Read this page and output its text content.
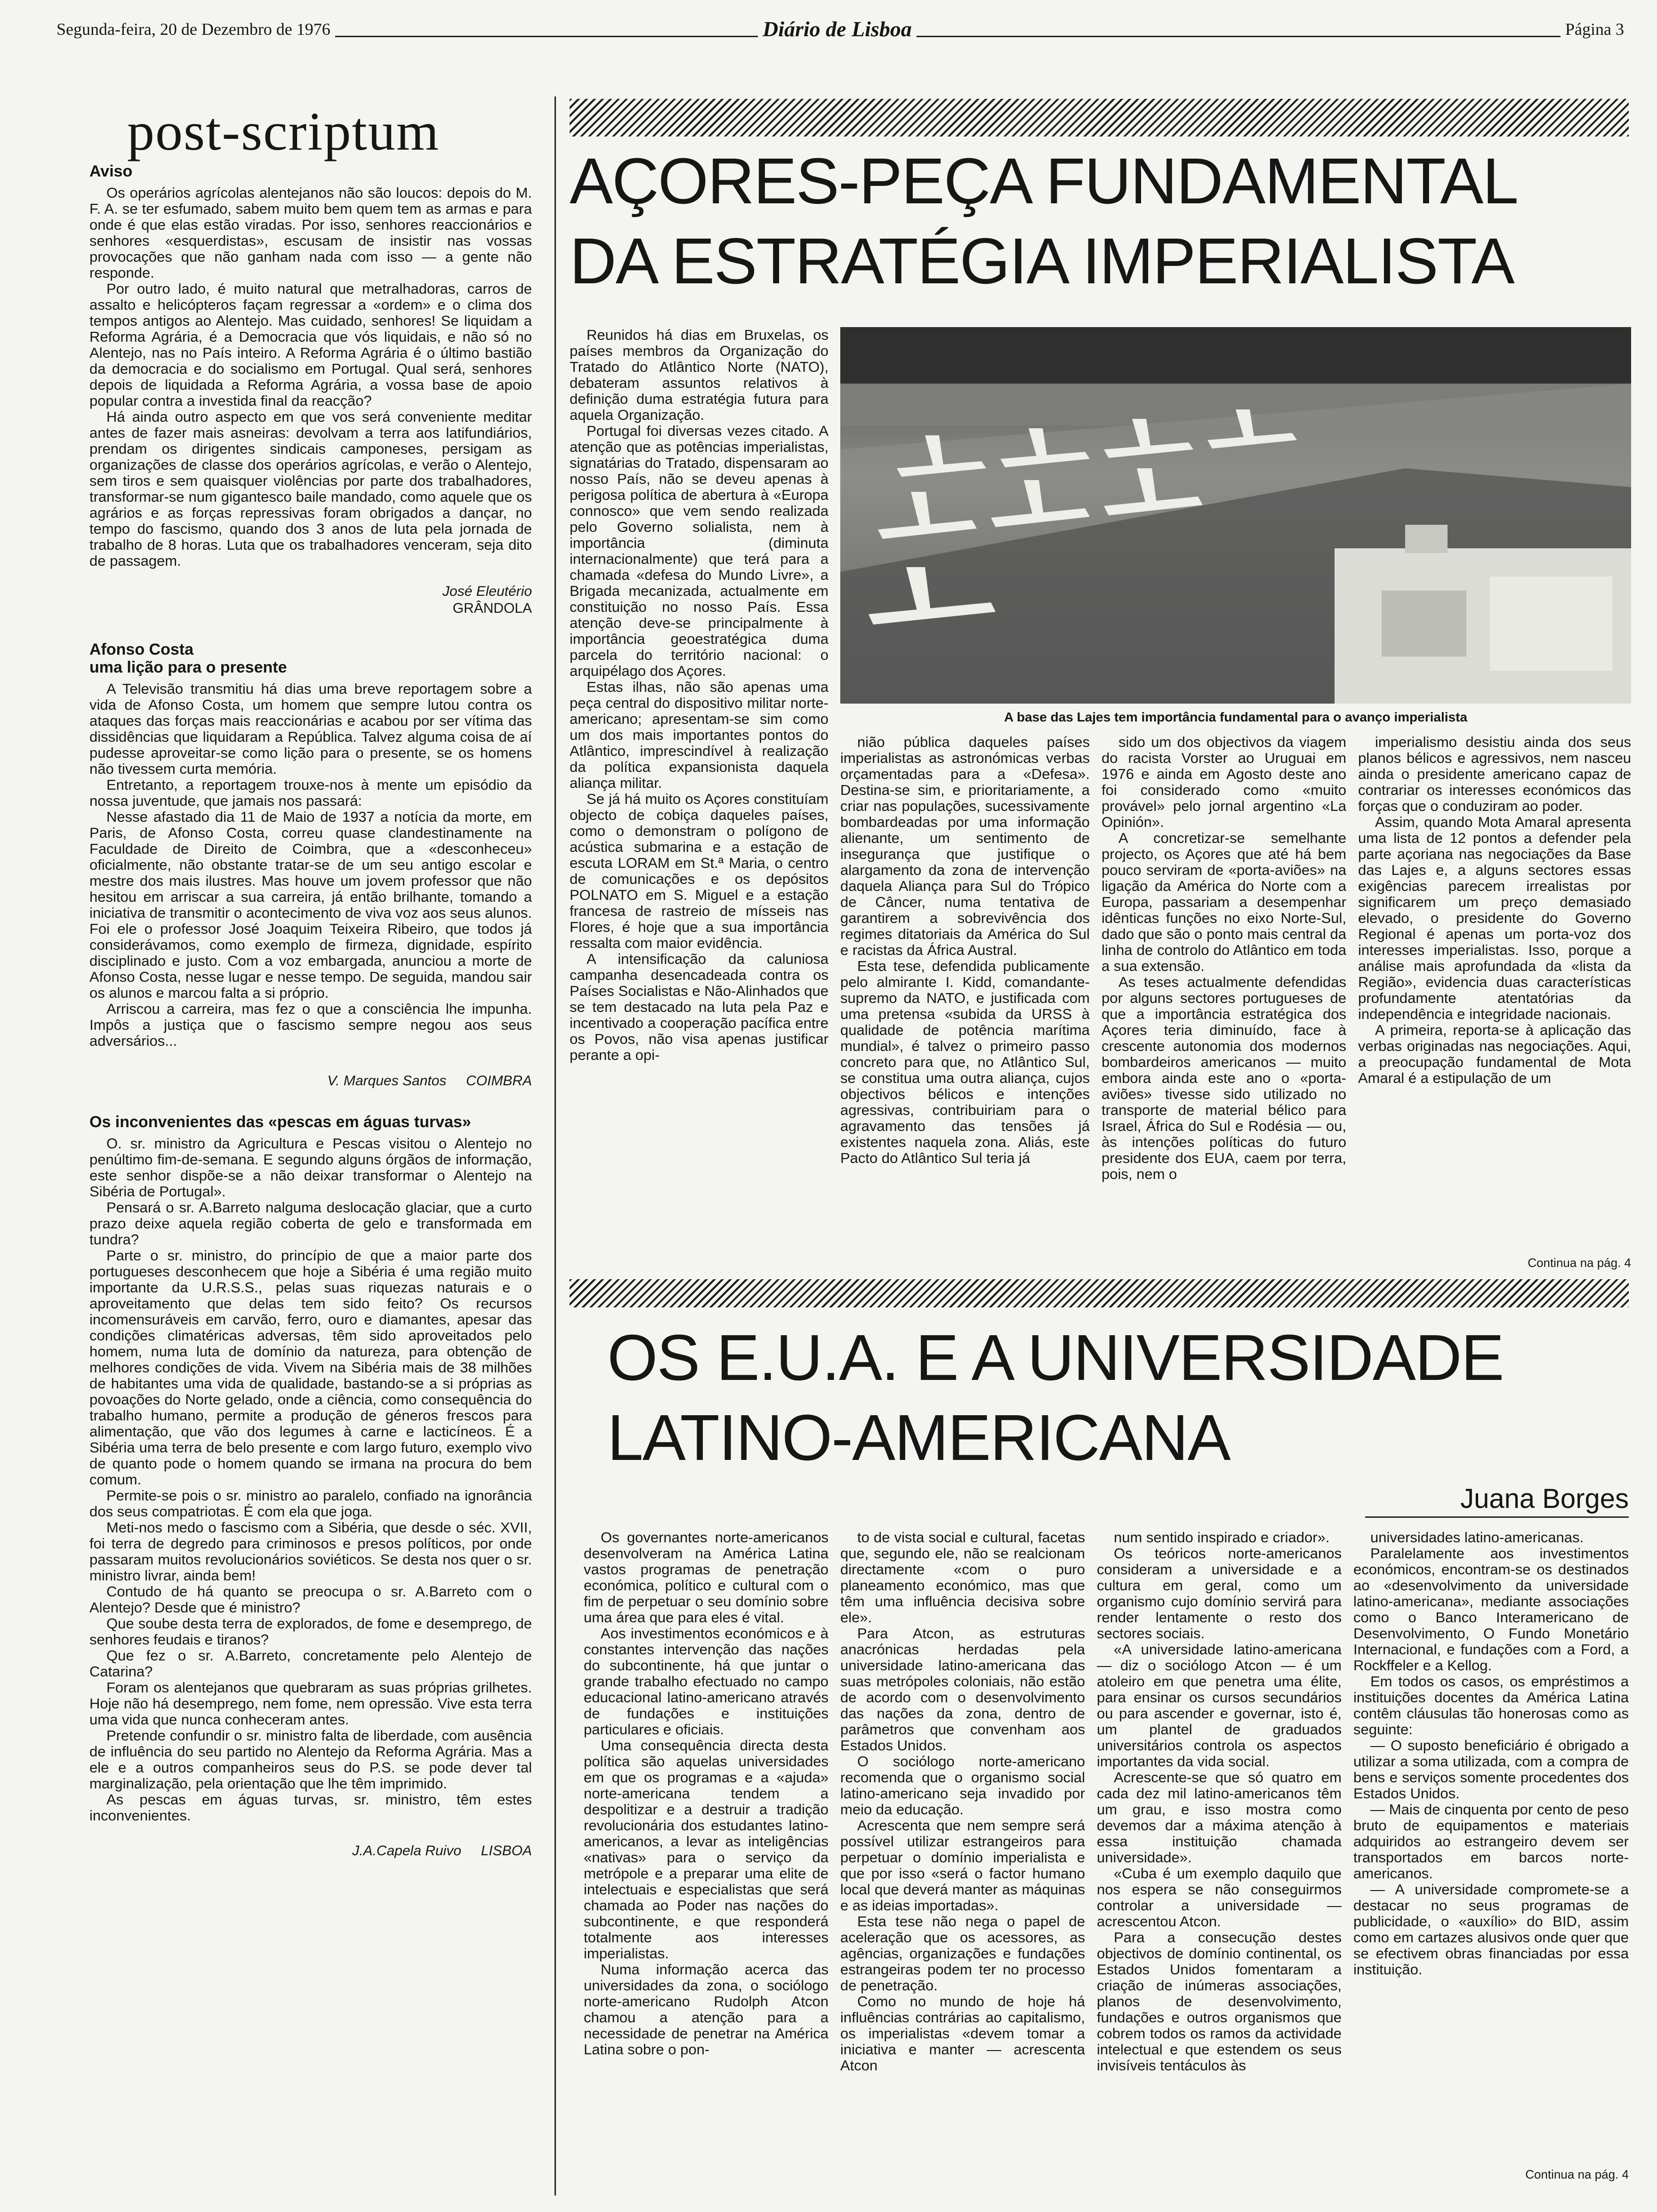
Segunda-feira, 20 de Dezembro de 1976	Diário de Lisboa	Página 3
post-scriptum
Aviso

Os operários agrícolas alentejanos não são loucos: depois do M. F. A. se ter esfumado, sabem muito bem quem tem as armas e para onde é que elas estão viradas. Por isso, senhores reaccionários e senhores «esquerdistas», escusam de insistir nas vossas provocações que não ganham nada com isso — a gente não responde.

Por outro lado, é muito natural que metralhadoras, carros de assalto e helicópteros façam regressar a «ordem» e o clima dos tempos antigos ao Alentejo. Mas cuidado, senhores! Se liquidam a Reforma Agrária, é a Democracia que vós liquidais, e não só no Alentejo, nas no País inteiro. A Reforma Agrária é o último bastião da democracia e do socialismo em Portugal. Qual será, senhores depois de liquidada a Reforma Agrária, a vossa base de apoio popular contra a investida final da reacção?

Há ainda outro aspecto em que vos será conveniente meditar antes de fazer mais asneiras: devolvam a terra aos latifundiários, prendam os dirigentes sindicais camponeses, persigam as organizações de classe dos operários agrícolas, e verão o Alentejo, sem tiros e sem quaisquer violências por parte dos trabalhadores, transformar-se num gigantesco baile mandado, como aquele que os agrários e as forças repressivas foram obrigados a dançar, no tempo do fascismo, quando dos 3 anos de luta pela jornada de trabalho de 8 horas. Luta que os trabalhadores venceram, seja dito de passagem.

José Eleutério
GRÂNDOLA
Afonso Costa
uma lição para o presente

A Televisão transmitiu há dias uma breve reportagem sobre a vida de Afonso Costa, um homem que sempre lutou contra os ataques das forças mais reaccionárias e acabou por ser vítima das dissidências que liquidaram a República. Talvez alguma coisa de aí pudesse aproveitar-se como lição para o presente, se os homens não tivessem curta memória.

Entretanto, a reportagem trouxe-nos à mente um episódio da nossa juventude, que jamais nos passará:

Nesse afastado dia 11 de Maio de 1937 a notícia da morte, em Paris, de Afonso Costa, correu quase clandestinamente na Faculdade de Direito de Coimbra, que a «desconheceu» oficialmente, não obstante tratar-se de um seu antigo escolar e mestre dos mais ilustres. Mas houve um jovem professor que não hesitou em arriscar a sua carreira, já então brilhante, tomando a iniciativa de transmitir o acontecimento de viva voz aos seus alunos. Foi ele o professor José Joaquim Teixeira Ribeiro, que todos já considerávamos, como exemplo de firmeza, dignidade, espírito disciplinado e justo. Com a voz embargada, anunciou a morte de Afonso Costa, nesse lugar e nesse tempo. De seguida, mandou sair os alunos e marcou falta a si próprio.

Arriscou a carreira, mas fez o que a consciência lhe impunha. Impôs a justiça que o fascismo sempre negou aos seus adversários...

V. Marques Santos COIMBRA
Os inconvenientes das «pescas em águas turvas»

O. sr. ministro da Agricultura e Pescas visitou o Alentejo no penúltimo fim-de-semana. E segundo alguns órgãos de informação, este senhor dispõe-se a não deixar transformar o Alentejo na Sibéria de Portugal».

Pensará o sr. A.Barreto nalguma deslocação glaciar, que a curto prazo deixe aquela região coberta de gelo e transformada em tundra?

Parte o sr. ministro, do princípio de que a maior parte dos portugueses desconhecem que hoje a Sibéria é uma região muito importante da U.R.S.S., pelas suas riquezas naturais e o aproveitamento que delas tem sido feito? Os recursos incomensuráveis em carvão, ferro, ouro e diamantes, apesar das condições climatéricas adversas, têm sido aproveitados pelo homem, numa luta de domínio da natureza, para obtenção de melhores condições de vida. Vivem na Sibéria mais de 38 milhões de habitantes uma vida de qualidade, bastando-se a si próprias as povoações do Norte gelado, onde a ciência, como consequência do trabalho humano, permite a produção de géneros frescos para alimentação, que vão dos legumes à carne e lacticíneos. É a Sibéria uma terra de belo presente e com largo futuro, exemplo vivo de quanto pode o homem quando se irmana na procura do bem comum.

Permite-se pois o sr. ministro ao paralelo, confiado na ignorância dos seus compatriotas. É com ela que joga.

Meti-nos medo o fascismo com a Sibéria, que desde o séc. XVII, foi terra de degredo para criminosos e presos políticos, por onde passaram muitos revolucionários soviéticos. Se desta nos quer o sr. ministro livrar, ainda bem!

Contudo de há quanto se preocupa o sr. A.Barreto com o Alentejo? Desde que é ministro?

Que soube desta terra de explorados, de fome e desemprego, de senhores feudais e tiranos?

Que fez o sr. A.Barreto, concretamente pelo Alentejo de Catarina?

Foram os alentejanos que quebraram as suas próprias grilhetes. Hoje não há desemprego, nem fome, nem opressão. Vive esta terra uma vida que nunca conheceram antes.

Pretende confundir o sr. ministro falta de liberdade, com ausência de influência do seu partido no Alentejo da Reforma Agrária. Mas a ele e a outros companheiros seus do P.S. se pode dever tal marginalização, pela orientação que lhe têm imprimido.

As pescas em águas turvas, sr. ministro, têm estes inconvenientes.

J.A.Capela Ruivo LISBOA
AÇORES-PEÇA FUNDAMENTAL
DA ESTRATÉGIA IMPERIALISTA
A base das Lajes tem importância fundamental para o avanço imperialista

Reunidos há dias em Bruxelas, os países membros da Organização do Tratado do Atlântico Norte (NATO), debateram assuntos relativos à definição duma estratégia futura para aquela Organização.

Portugal foi diversas vezes citado. A atenção que as potências imperialistas, signatárias do Tratado, dispensaram ao nosso País, não se deveu apenas à perigosa política de abertura à «Europa connosco» que vem sendo realizada pelo Governo solialista, nem à importância (diminuta internacionalmente) que terá para a chamada «defesa do Mundo Livre», a Brigada mecanizada, actualmente em constituição no nosso País. Essa atenção deve-se principalmente à importância geoestratégica duma parcela do território nacional: o arquipélago dos Açores.

Estas ilhas, não são apenas uma peça central do dispositivo militar norte-americano; apresentam-se sim como um dos mais importantes pontos do Atlântico, imprescindível à realização da política expansionista daquela aliança militar.

Se já há muito os Açores constituíam objecto de cobiça daqueles países, como o demonstram o polígono de acústica submarina e a estação de escuta LORAM em St.ª Maria, o centro de comunicações e os depósitos POLNATO em S. Miguel e a estação francesa de rastreio de mísseis nas Flores, é hoje que a sua importância ressalta com maior evidência.

A intensificação da caluniosa campanha desencadeada contra os Países Socialistas e Não-Alinhados que se tem destacado na luta pela Paz e incentivado a cooperação pacífica entre os Povos, não visa apenas justificar perante a opi-

nião pública daqueles países imperialistas as astronómicas verbas orçamentadas para a «Defesa». Destina-se sim, e prioritariamente, a criar nas populações, sucessivamente bombardeadas por uma informação alienante, um sentimento de insegurança que justifique o alargamento da zona de intervenção daquela Aliança para Sul do Trópico de Câncer, numa tentativa de garantirem a sobrevivência dos regimes ditatoriais da América do Sul e racistas da África Austral.

Esta tese, defendida publicamente pelo almirante I. Kidd, comandante-supremo da NATO, e justificada com uma pretensa «subida da URSS à qualidade de potência marítima mundial», é talvez o primeiro passo concreto para que, no Atlântico Sul, se constitua uma outra aliança, cujos objectivos bélicos e intenções agressivas, contribuiriam para o agravamento das tensões já existentes naquela zona. Aliás, este Pacto do Atlântico Sul teria já

sido um dos objectivos da viagem do racista Vorster ao Uruguai em 1976 e ainda em Agosto deste ano foi considerado como «muito provável» pelo jornal argentino «La Opinión».

A concretizar-se semelhante projecto, os Açores que até há bem pouco serviram de «porta-aviões» na ligação da América do Norte com a Europa, passariam a desempenhar idênticas funções no eixo Norte-Sul, dado que são o ponto mais central da linha de controlo do Atlântico em toda a sua extensão.

As teses actualmente defendidas por alguns sectores portugueses de que a importância estratégica dos Açores teria diminuído, face à crescente autonomia dos modernos bombardeiros americanos — muito embora ainda este ano o «porta-aviões» tivesse sido utilizado no transporte de material bélico para Israel, África do Sul e Rodésia — ou, às intenções políticas do futuro presidente dos EUA, caem por terra, pois, nem o

imperialismo desistiu ainda dos seus planos bélicos e agressivos, nem nasceu ainda o presidente americano capaz de contrariar os interesses económicos das forças que o conduziram ao poder.

Assim, quando Mota Amaral apresenta uma lista de 12 pontos a defender pela parte açoriana nas negociações da Base das Lajes e, a alguns sectores essas exigências parecem irrealistas por significarem um preço demasiado elevado, o presidente do Governo Regional é apenas um porta-voz dos interesses imperialistas. Isso, porque a análise mais aprofundada da «lista da Região», evidencia duas características profundamente atentatórias da independência e integridade nacionais.

A primeira, reporta-se à aplicação das verbas originadas nas negociações. Aqui, a preocupação fundamental de Mota Amaral é a estipulação de um

Continua na pág. 4
OS E.U.A. E A UNIVERSIDADE
LATINO-AMERICANA
Juana Borges

Os governantes norte-americanos desenvolveram na América Latina vastos programas de penetração económica, político e cultural com o fim de perpetuar o seu domínio sobre uma área que para eles é vital.

Aos investimentos económicos e à constantes intervenção das nações do subcontinente, há que juntar o grande trabalho efectuado no campo educacional latino-americano através de fundações e instituições particulares e oficiais.

Uma consequência directa desta política são aquelas universidades em que os programas e a «ajuda» norte-americana tendem a despolitizar e a destruir a tradição revolucionária dos estudantes latino-americanos, a levar as inteligências «nativas» para o serviço da metrópole e a preparar uma elite de intelectuais e especialistas que será chamada ao Poder nas nações do subcontinente, e que responderá totalmente aos interesses imperialistas.

Numa informação acerca das universidades da zona, o sociólogo norte-americano Rudolph Atcon chamou a atenção para a necessidade de penetrar na América Latina sobre o pon-

to de vista social e cultural, facetas que, segundo ele, não se realcionam directamente «com o puro planeamento económico, mas que têm uma influência decisiva sobre ele».

Para Atcon, as estruturas anacrónicas herdadas pela universidade latino-americana das suas metrópoles coloniais, não estão de acordo com o desenvolvimento das nações da zona, dentro de parâmetros que convenham aos Estados Unidos.

O sociólogo norte-americano recomenda que o organismo social latino-americano seja invadido por meio da educação.

Acrescenta que nem sempre será possível utilizar estrangeiros para perpetuar o domínio imperialista e que por isso «será o factor humano local que deverá manter as máquinas e as ideias importadas».

Esta tese não nega o papel de aceleração que os acessores, as agências, organizações e fundações estrangeiras podem ter no processo de penetração.

Como no mundo de hoje há influências contrárias ao capitalismo, os imperialistas «devem tomar a iniciativa e manter — acrescenta Atcon

num sentido inspirado e criador».

Os teóricos norte-americanos consideram a universidade e a cultura em geral, como um organismo cujo domínio servirá para render lentamente o resto dos sectores sociais.

«A universidade latino-americana — diz o sociólogo Atcon — é um atoleiro em que penetra uma élite, para ensinar os cursos secundários ou para ascender e governar, isto é, um plantel de graduados universitários controla os aspectos importantes da vida social.

Acrescente-se que só quatro em cada dez mil latino-americanos têm um grau, e isso mostra como devemos dar a máxima atenção à essa instituição chamada universidade».

«Cuba é um exemplo daquilo que nos espera se não conseguirmos controlar a universidade — acrescentou Atcon.

Para a consecução destes objectivos de domínio continental, os Estados Unidos fomentaram a criação de inúmeras associações, planos de desenvolvimento, fundações e outros organismos que cobrem todos os ramos da actividade intelectual e que estendem os seus invisíveis tentáculos às

universidades latino-americanas.

Paralelamente aos investimentos económicos, encontram-se os destinados ao «desenvolvimento da universidade latino-americana», mediante associações como o Banco Interamericano de Desenvolvimento, O Fundo Monetário Internacional, e fundações com a Ford, a Rockffeler e a Kellog.

Em todos os casos, os empréstimos a instituições docentes da América Latina contêm cláusulas tão honerosas como as seguinte:

— O suposto beneficiário é obrigado a utilizar a soma utilizada, com a compra de bens e serviços somente procedentes dos Estados Unidos.

— Mais de cinquenta por cento de peso bruto de equipamentos e materiais adquiridos ao estrangeiro devem ser transportados em barcos norte-americanos.

— A universidade compromete-se a destacar no seus programas de publicidade, o «auxílio» do BID, assim como em cartazes alusivos onde quer que se efectivem obras financiadas por essa instituição.

Continua na pág. 4
